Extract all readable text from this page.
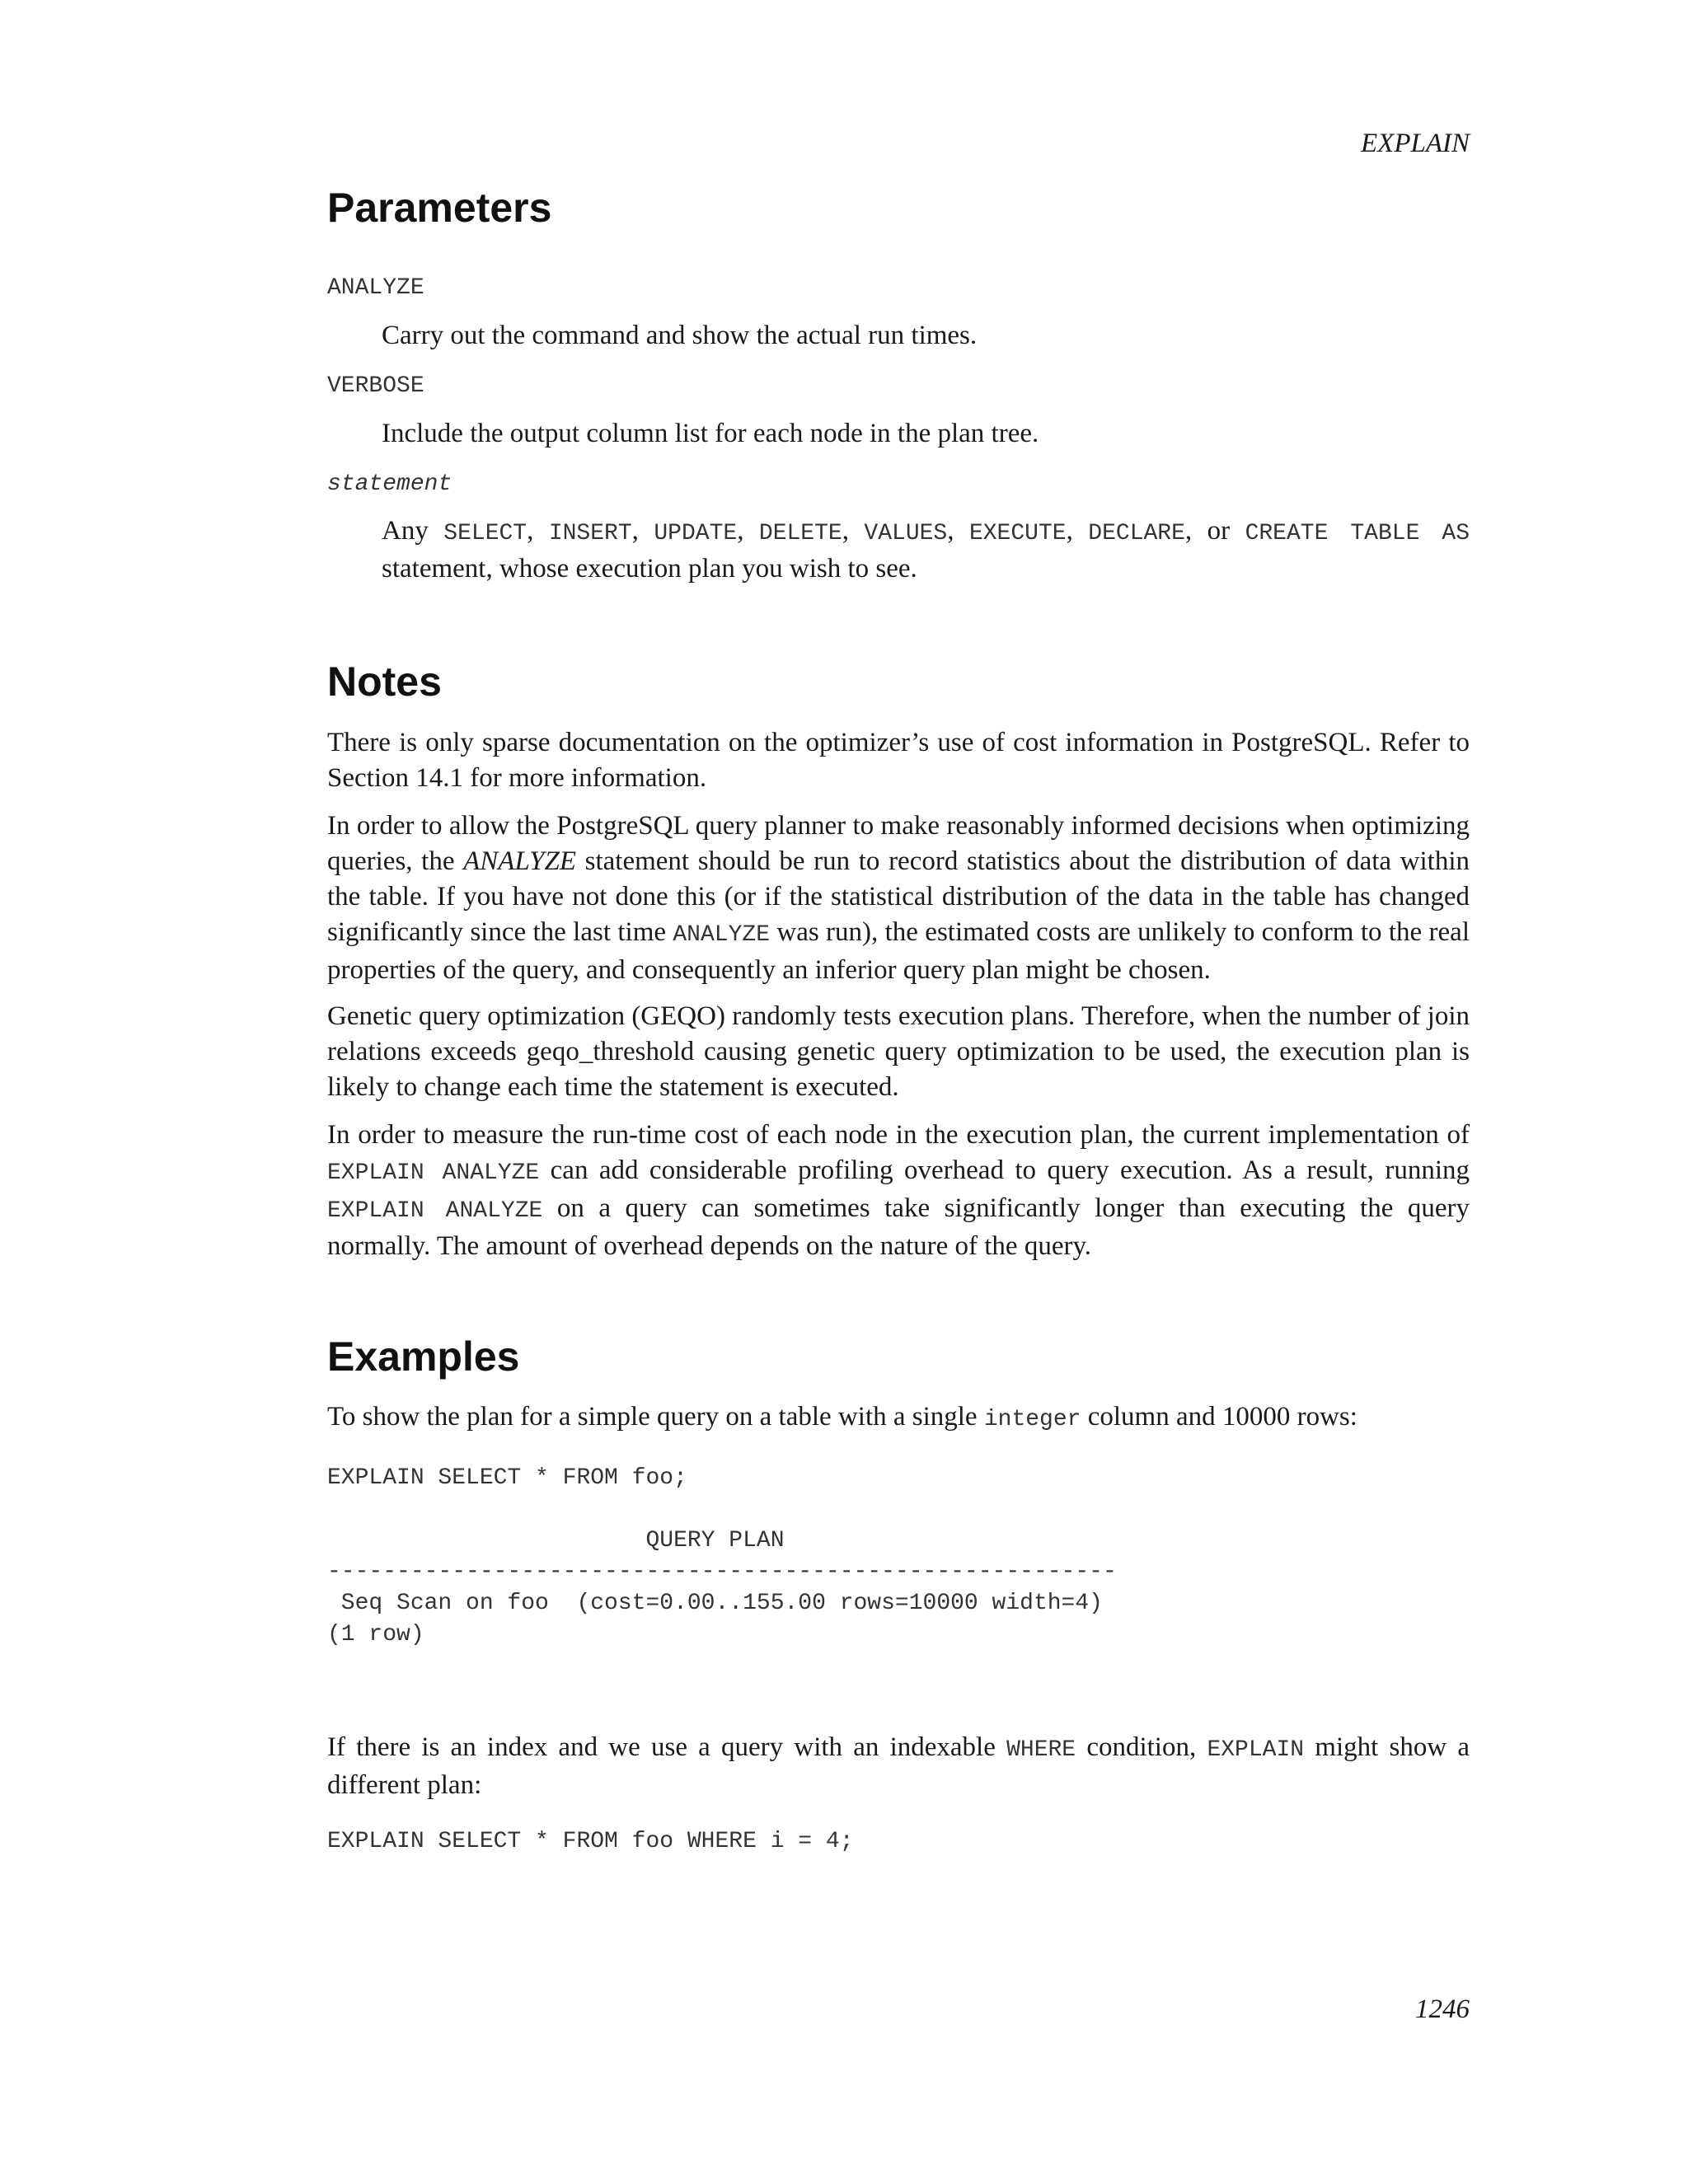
EXPLAIN
Parameters
ANALYZE
Carry out the command and show the actual run times.
VERBOSE
Include the output column list for each node in the plan tree.
statement
Any SELECT, INSERT, UPDATE, DELETE, VALUES, EXECUTE, DECLARE, or CREATE TABLE AS statement, whose execution plan you wish to see.
Notes
There is only sparse documentation on the optimizer’s use of cost information in PostgreSQL. Refer to Section 14.1 for more information.
In order to allow the PostgreSQL query planner to make reasonably informed decisions when optimizing queries, the ANALYZE statement should be run to record statistics about the distribution of data within the table. If you have not done this (or if the statistical distribution of the data in the table has changed significantly since the last time ANALYZE was run), the estimated costs are unlikely to conform to the real properties of the query, and consequently an inferior query plan might be chosen.
Genetic query optimization (GEQO) randomly tests execution plans. Therefore, when the number of join relations exceeds geqo_threshold causing genetic query optimization to be used, the execution plan is likely to change each time the statement is executed.
In order to measure the run-time cost of each node in the execution plan, the current implementation of EXPLAIN ANALYZE can add considerable profiling overhead to query execution. As a result, running EXPLAIN ANALYZE on a query can sometimes take significantly longer than executing the query normally. The amount of overhead depends on the nature of the query.
Examples
To show the plan for a simple query on a table with a single integer column and 10000 rows:
EXPLAIN SELECT * FROM foo;

QUERY PLAN
---------------------------------------------------------
Seq Scan on foo  (cost=0.00..155.00 rows=10000 width=4)
(1 row)
If there is an index and we use a query with an indexable WHERE condition, EXPLAIN might show a different plan:
EXPLAIN SELECT * FROM foo WHERE i = 4;
1246
